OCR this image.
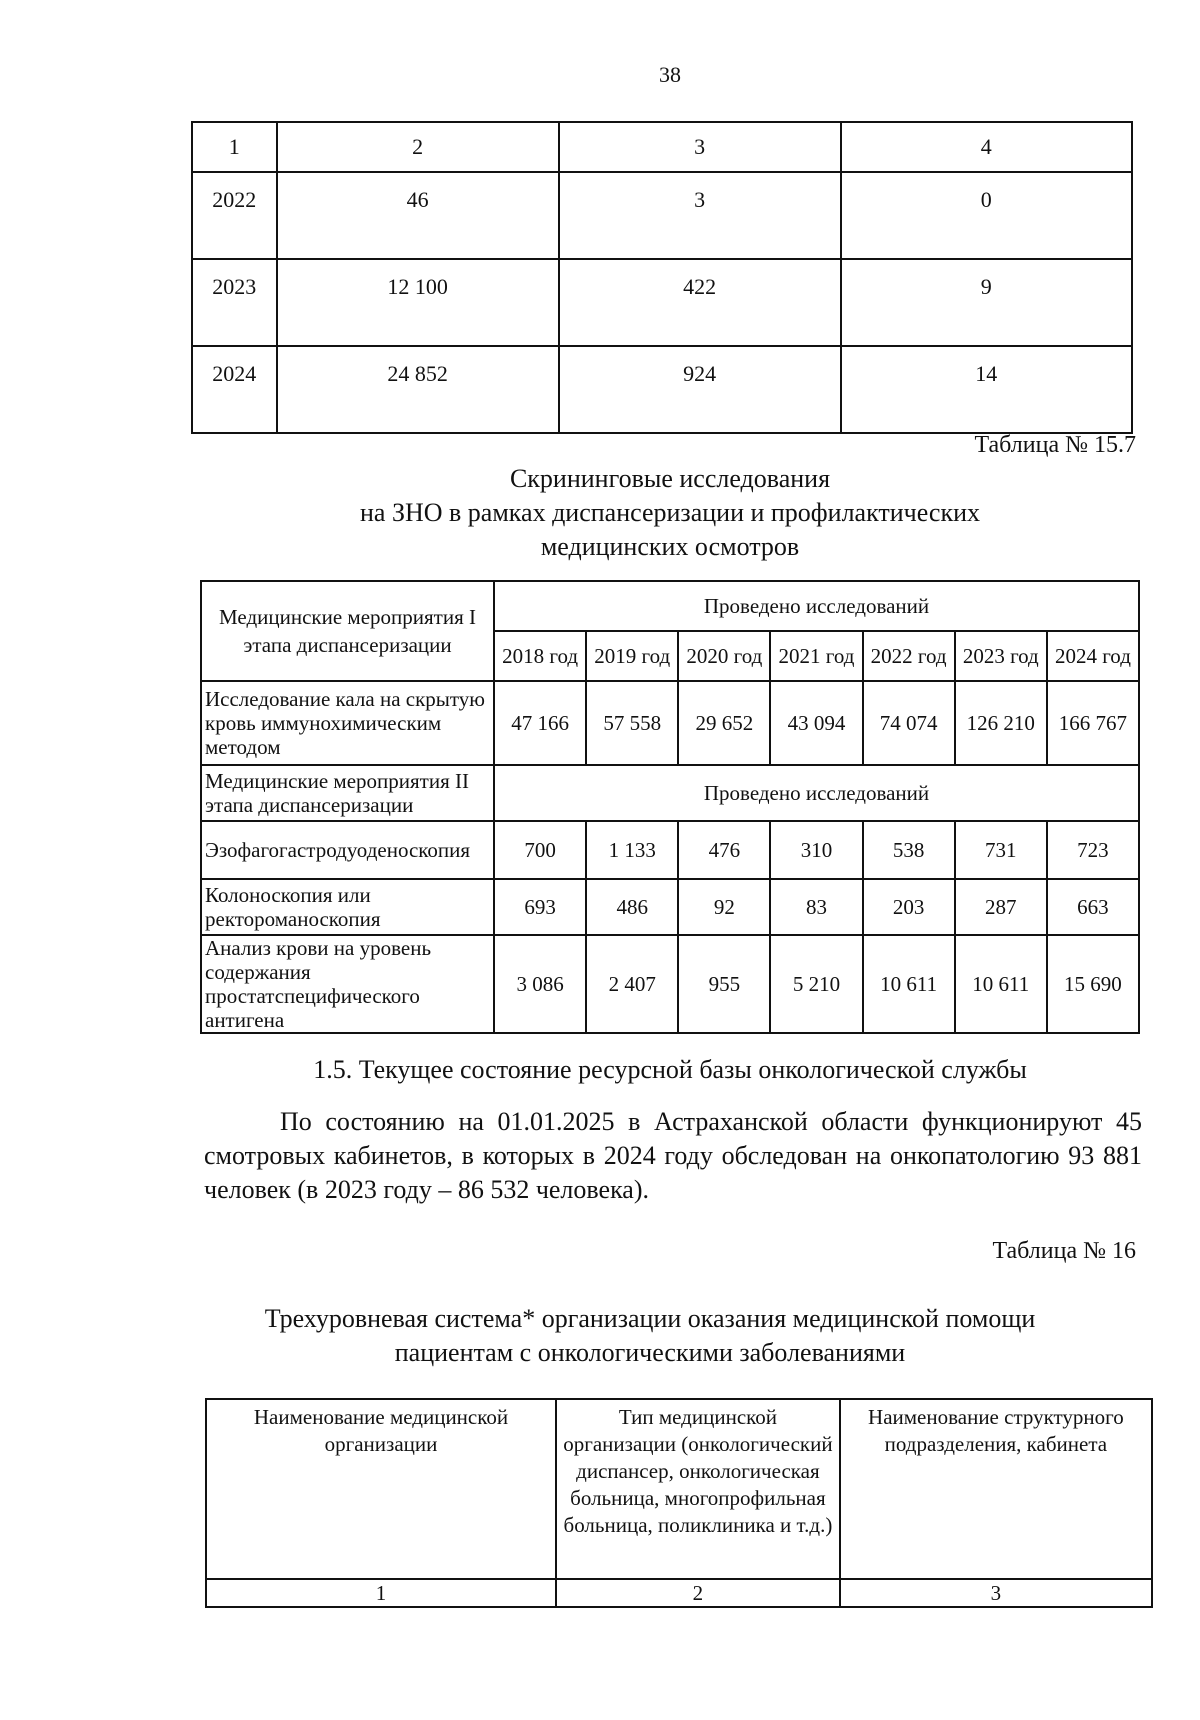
38
1	2	3	4
2022	46	3	0
2023	12 100	422	9
2024	24 852	924	14
Таблица № 15.7
Скрининговые исследования
на ЗНО в рамках диспансеризации и профилактических
медицинских осмотров
Медицинские мероприятия I этапа диспансеризации	Проведено исследований						
	2018 год	2019 год	2020 год	2021 год	2022 год	2023 год	2024 год
Исследование кала на скрытую кровь иммунохимическим методом	47 166	57 558	29 652	43 094	74 074	126 210	166 767
Медицинские мероприятия II этапа диспансеризации	Проведено исследований						
Эзофагогастродуоденоскопия	700	1 133	476	310	538	731	723
Колоноскопия или ректороманоскопия	693	486	92	83	203	287	663
Анализ крови на уровень содержания простатспецифического антигена	3 086	2 407	955	5 210	10 611	10 611	15 690
1.5. Текущее состояние ресурсной базы онкологической службы
По состоянию на 01.01.2025 в Астраханской области функционируют 45 смотровых кабинетов, в которых в 2024 году обследован на онкопатологию 93 881 человек (в 2023 году – 86 532 человека).
Таблица № 16
Трехуровневая система* организации оказания медицинской помощи
пациентам с онкологическими заболеваниями
Наименование медицинской организации	Тип медицинской организации (онкологический диспансер, онкологическая больница, многопрофильная больница, поликлиника и т.д.)	Наименование структурного подразделения, кабинета
1	2	3
